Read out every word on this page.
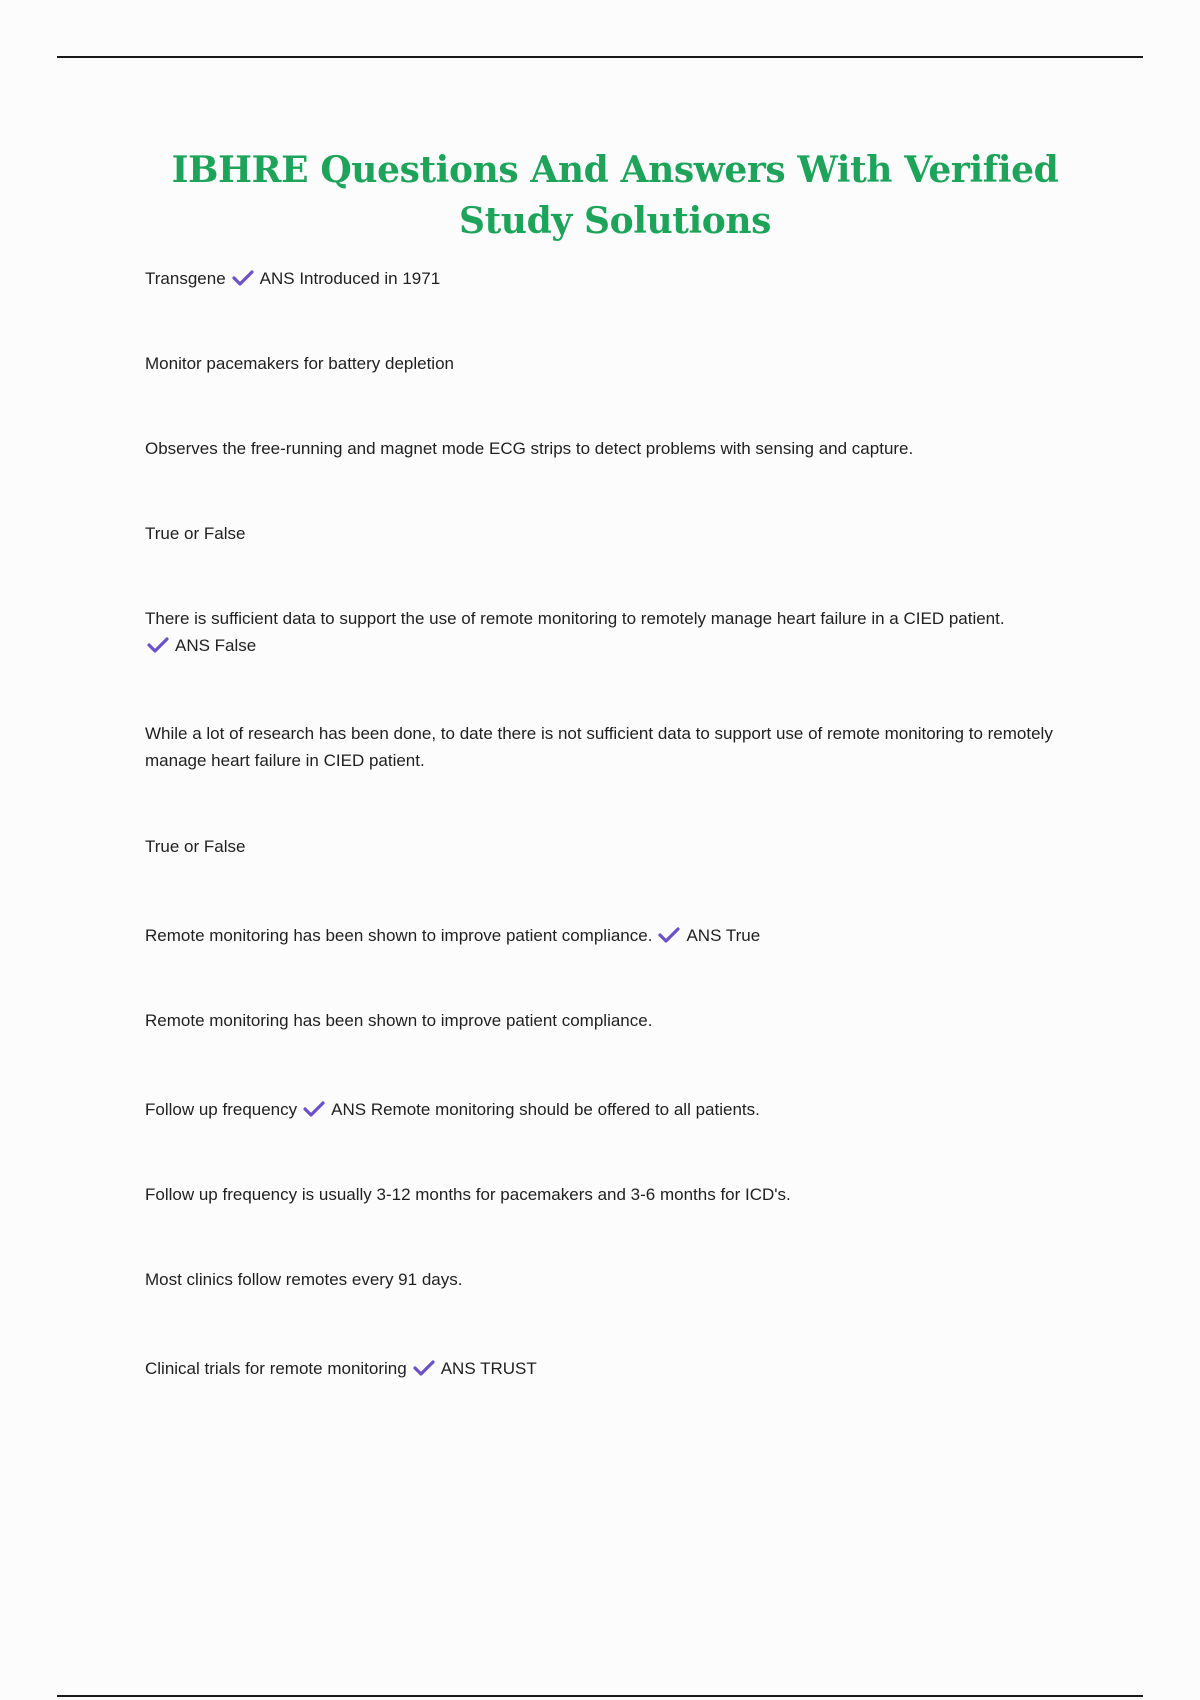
IBHRE Questions And Answers With Verified Study Solutions

Transgene ANS Introduced in 1971

Monitor pacemakers for battery depletion

Observes the free-running and magnet mode ECG strips to detect problems with sensing and capture.

True or False

There is sufficient data to support the use of remote monitoring to remotely manage heart failure in a CIED patient.

ANS False

While a lot of research has been done, to date there is not sufficient data to support use of remote monitoring to remotely manage heart failure in CIED patient.

True or False

Remote monitoring has been shown to improve patient compliance. ANS True

Remote monitoring has been shown to improve patient compliance.

Follow up frequency ANS Remote monitoring should be offered to all patients.

Follow up frequency is usually 3-12 months for pacemakers and 3-6 months for ICD's.

Most clinics follow remotes every 91 days.

Clinical trials for remote monitoring ANS TRUST
